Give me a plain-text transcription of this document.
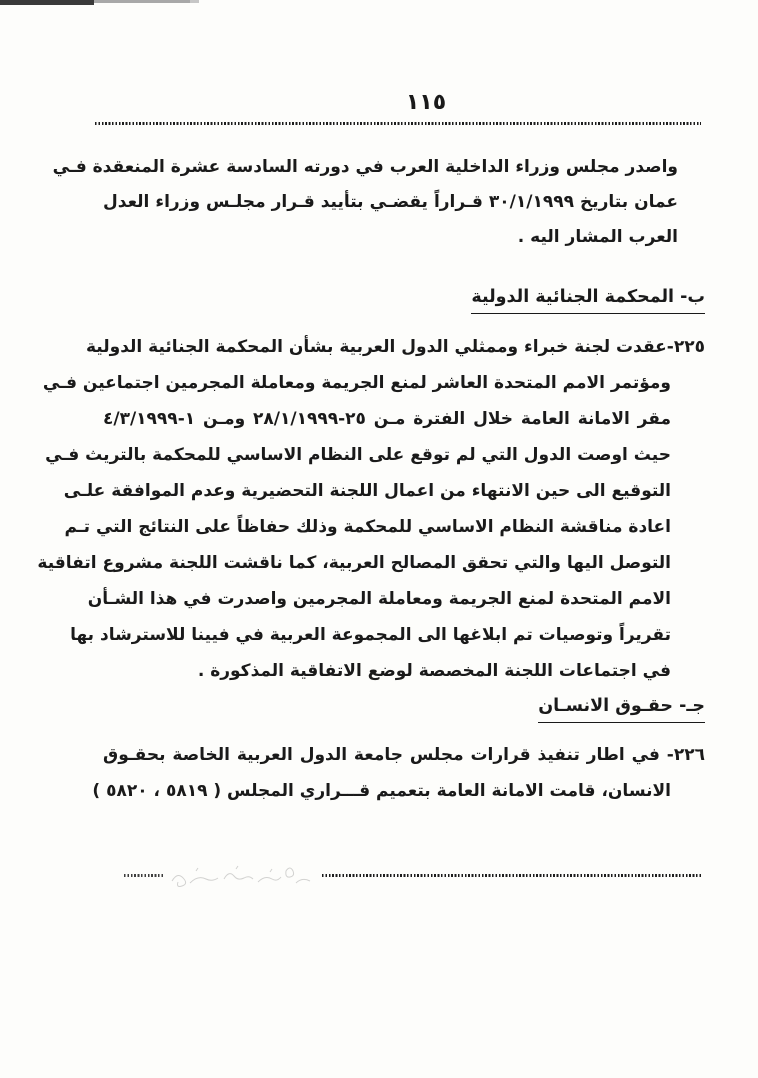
١١٥
واصدر مجلس وزراء الداخلية العرب في دورته السادسة عشرة المنعقدة فـي
عمان بتاريخ ٣٠/١/١٩٩٩ قـراراً يقضـي بتأييد قـرار مجلـس وزراء العدل
العرب المشار اليه .
ب- المحكمة الجنائية الدولية
٢٢٥-عقدت لجنة خبراء وممثلي الدول العربية بشأن المحكمة الجنائية الدولية
ومؤتمر الامم المتحدة العاشر لمنع الجريمة ومعاملة المجرمين اجتماعين فـي
مقر الامانة العامة خلال الفترة مـن ٢٥-٢٨/١/١٩٩٩ ومـن ١-٤/٣/١٩٩٩
حيث اوصت الدول التي لم توقع على النظام الاساسي للمحكمة بالتريث فـي
التوقيع الى حين الانتهاء من اعمال اللجنة التحضيرية وعدم الموافقة علـى
اعادة مناقشة النظام الاساسي للمحكمة وذلك حفاظاً على النتائج التي تـم
التوصل اليها والتي تحقق المصالح العربية، كما ناقشت اللجنة مشروع اتفاقية
الامم المتحدة لمنع الجريمة ومعاملة المجرمين واصدرت في هذا الشـأن
تقريراً وتوصيات تم ابلاغها الى المجموعة العربية في فيينا للاسترشاد بها
في اجتماعات اللجنة المخصصة لوضع الاتفاقية المذكورة .
جـ- حقـوق الانسـان
٢٢٦- في اطار تنفيذ قرارات مجلس جامعة الدول العربية الخاصة بحقـوق
الانسان، قامت الامانة العامة بتعميم قـــراري المجلس ( ٥٨١٩ ، ٥٨٢٠ )
